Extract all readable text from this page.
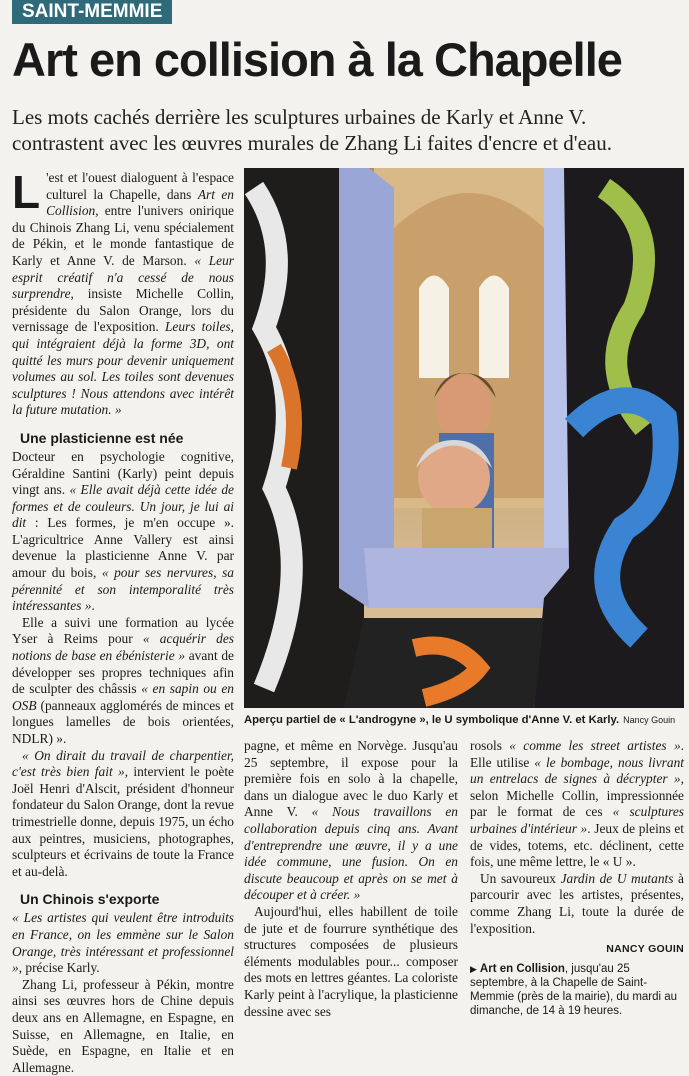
SAINT-MEMMIE
Art en collision à la Chapelle
Les mots cachés derrière les sculptures urbaines de Karly et Anne V. contrastent avec les œuvres murales de Zhang Li faites d'encre et d'eau.

L 'est et l'ouest dialoguent à l'espace culturel la Chapelle, dans Art en Collision, entre l'univers onirique du Chinois Zhang Li, venu spécialement de Pékin, et le monde fantastique de Karly et Anne V. de Marson. « Leur esprit créatif n'a cessé de nous surprendre, insiste Michelle Collin, présidente du Salon Orange, lors du vernissage de l'exposition. Leurs toiles, qui intégraient déjà la forme 3D, ont quitté les murs pour devenir uniquement volumes au sol. Les toiles sont devenues sculptures ! Nous attendons avec intérêt la future mutation. »

Une plasticienne est née

Docteur en psychologie cognitive, Géraldine Santini (Karly) peint depuis vingt ans. « Elle avait déjà cette idée de formes et de couleurs. Un jour, je lui ai dit : Les formes, je m'en occupe ». L'agricultrice Anne Vallery est ainsi devenue la plasticienne Anne V. par amour du bois, « pour ses nervures, sa pérennité et son intemporalité très intéressantes ».

Elle a suivi une formation au lycée Yser à Reims pour « acquérir des notions de base en ébénisterie » avant de développer ses propres techniques afin de sculpter des châssis « en sapin ou en OSB (panneaux agglomérés de minces et longues lamelles de bois orientées, NDLR) ».

« On dirait du travail de charpentier, c'est très bien fait », intervient le poète Joël Henri d'Alscit, président d'honneur fondateur du Salon Orange, dont la revue trimestrielle donne, depuis 1975, un écho aux peintres, musiciens, photographes, sculpteurs et écrivains de toute la France et au-delà.

Un Chinois s'exporte

« Les artistes qui veulent être introduits en France, on les emmène sur le Salon Orange, très intéressant et professionnel », précise Karly.

Zhang Li, professeur à Pékin, montre ainsi ses œuvres hors de Chine depuis deux ans en Allemagne, en Espagne, en Suisse, en Allemagne, en Italie, en Suède, en Espagne, en Italie et en Allemagne.

Aperçu partiel de « L'androgyne », le U symbolique d'Anne V. et Karly. Nancy Gouin

pagne, et même en Norvège. Jusqu'au 25 septembre, il expose pour la première fois en solo à la chapelle, dans un dialogue avec le duo Karly et Anne V. « Nous travaillons en collaboration depuis cinq ans. Avant d'entreprendre une œuvre, il y a une idée commune, une fusion. On en discute beaucoup et après on se met à découper et à créer. »

Aujourd'hui, elles habillent de toile de jute et de fourrure synthétique des structures composées de plusieurs éléments modulables pour... composer des mots en lettres géantes. La coloriste Karly peint à l'acrylique, la plasticienne dessine avec ses

rosols « comme les street artistes ». Elle utilise « le bombage, nous livrant un entrelacs de signes à décrypter », selon Michelle Collin, impressionnée par le format de ces « sculptures urbaines d'intérieur ». Jeux de pleins et de vides, totems, etc. déclinent, cette fois, une même lettre, le « U ».

Un savoureux Jardin de U mutants à parcourir avec les artistes, présentes, comme Zhang Li, toute la durée de l'exposition.

NANCY GOUIN
▶ Art en Collision, jusqu'au 25 septembre, à la Chapelle de Saint-Memmie (près de la mairie), du mardi au dimanche, de 14 à 19 heures.
